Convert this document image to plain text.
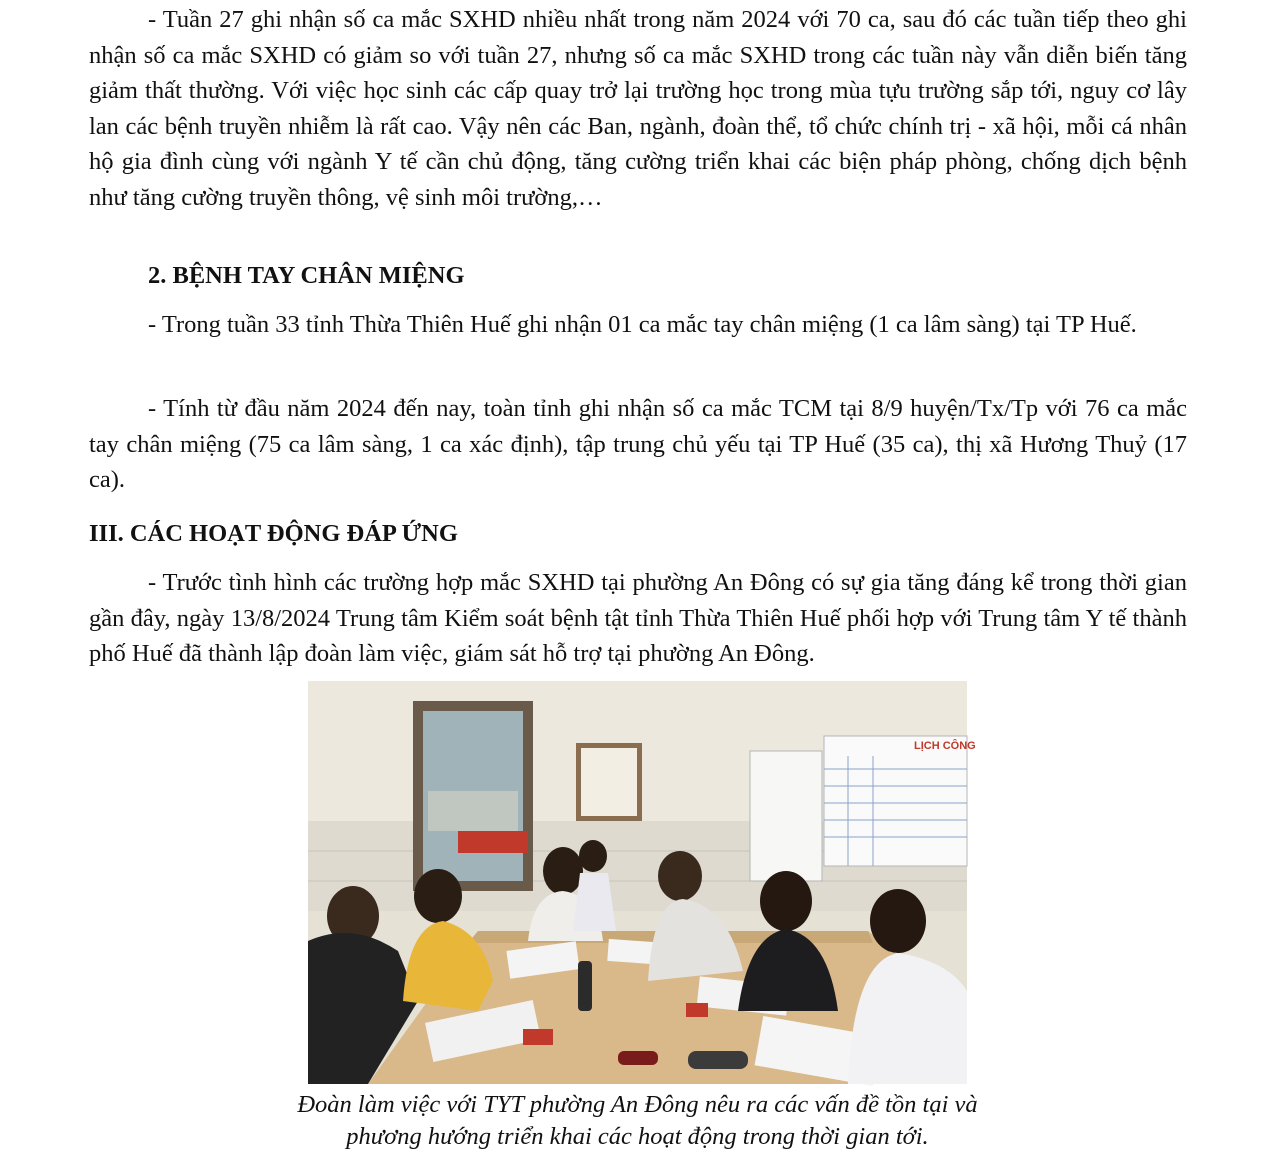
- Tuần 27 ghi nhận số ca mắc SXHD nhiều nhất trong năm 2024 với 70 ca, sau đó các tuần tiếp theo ghi nhận số ca mắc SXHD có giảm so với tuần 27, nhưng số ca mắc SXHD trong các tuần này vẫn diễn biến tăng giảm thất thường. Với việc học sinh các cấp quay trở lại trường học trong mùa tựu trường sắp tới, nguy cơ lây lan các bệnh truyền nhiễm là rất cao. Vậy nên các Ban, ngành, đoàn thể, tổ chức chính trị - xã hội, mỗi cá nhân hộ gia đình cùng với ngành Y tế cần chủ động, tăng cường triển khai các biện pháp phòng, chống dịch bệnh như tăng cường truyền thông, vệ sinh môi trường,…

2. BỆNH TAY CHÂN MIỆNG

- Trong tuần 33 tỉnh Thừa Thiên Huế ghi nhận 01 ca mắc tay chân miệng (1 ca lâm sàng) tại TP Huế.

- Tính từ đầu năm 2024 đến nay, toàn tỉnh ghi nhận số ca mắc TCM tại 8/9 huyện/Tx/Tp với 76 ca mắc tay chân miệng (75 ca lâm sàng, 1 ca xác định), tập trung chủ yếu tại TP Huế (35 ca), thị xã Hương Thuỷ (17 ca).

III. CÁC HOẠT ĐỘNG ĐÁP ỨNG

- Trước tình hình các trường hợp mắc SXHD tại phường An Đông có sự gia tăng đáng kể trong thời gian gần đây, ngày 13/8/2024 Trung tâm Kiểm soát bệnh tật tỉnh Thừa Thiên Huế phối hợp với Trung tâm Y tế thành phố Huế đã thành lập đoàn làm việc, giám sát hỗ trợ tại phường An Đông.

LỊCH CÔNG

Đoàn làm việc với TYT phường An Đông nêu ra các vấn đề tồn tại và
phương hướng triển khai các hoạt động trong thời gian tới.
